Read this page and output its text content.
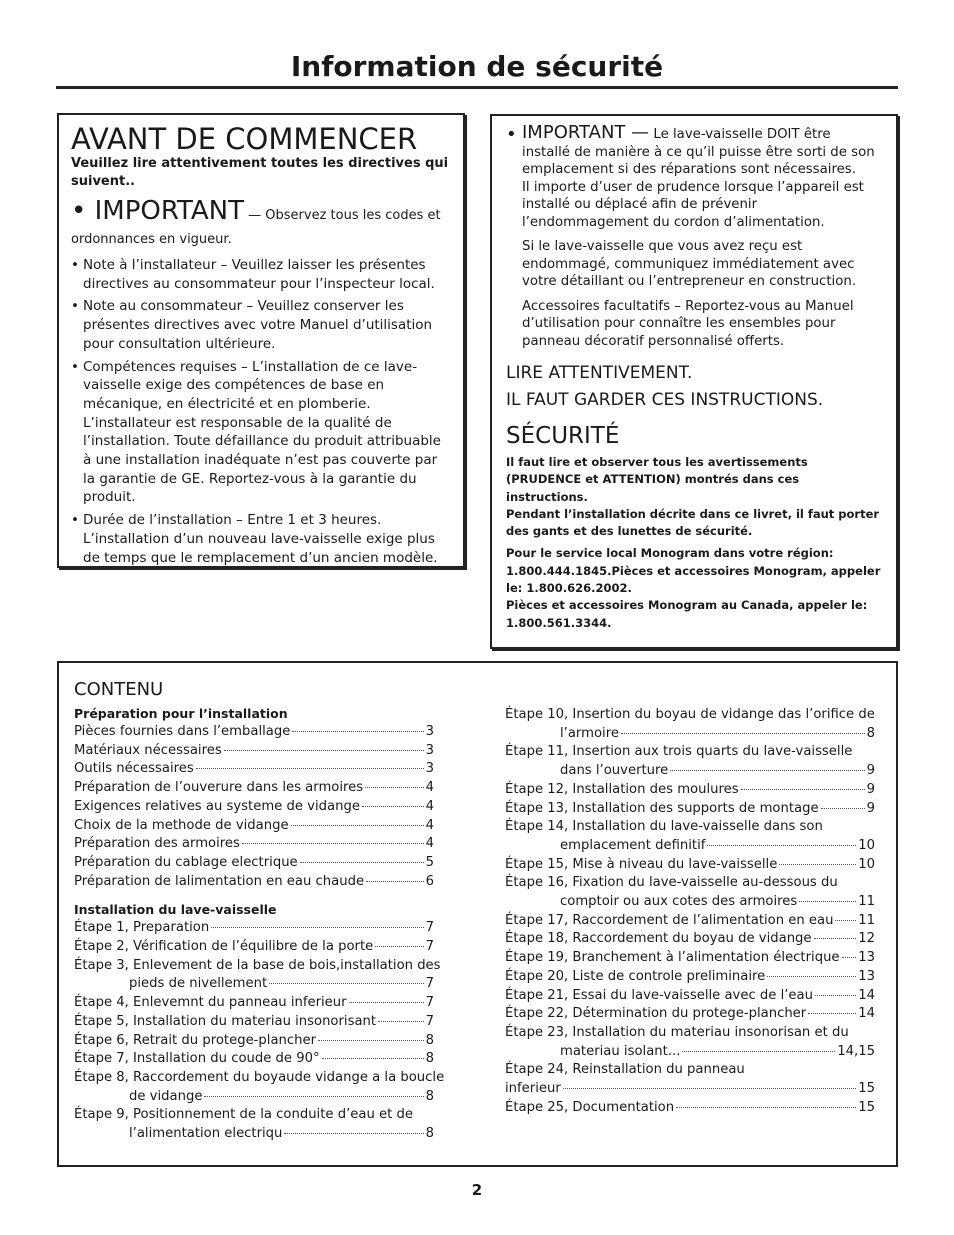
Information de sécurité
AVANT DE COMMENCER
Veuillez lire attentivement toutes les directives qui suivent..
• IMPORTANT — Observez tous les codes et ordonnances en vigueur.
• Note à l’installateur – Veuillez laisser les présentes directives au consommateur pour l’inspecteur local.
• Note au consommateur – Veuillez conserver les présentes directives avec votre Manuel d’utilisation pour consultation ultérieure.
• Compétences requises – L’installation de ce lave-vaisselle exige des compétences de base en mécanique, en électricité et en plomberie. L’installateur est responsable de la qualité de l’installation. Toute défaillance du produit attribuable à une installation inadéquate n’est pas couverte par la garantie de GE. Reportez-vous à la garantie du produit.
• Durée de l’installation – Entre 1 et 3 heures. L’installation d’un nouveau lave-vaisselle exige plus de temps que le remplacement d’un ancien modèle.
• IMPORTANT — Le lave-vaisselle DOIT être installé de manière à ce qu’il puisse être sorti de son emplacement si des réparations sont nécessaires.

Il importe d’user de prudence lorsque l’appareil est installé ou déplacé afin de prévenir l’endommagement du cordon d’alimentation.

Si le lave-vaisselle que vous avez reçu est endommagé, communiquez immédiatement avec votre détaillant ou l’entrepreneur en construction.

Accessoires facultatifs – Reportez-vous au Manuel d’utilisation pour connaître les ensembles pour panneau décoratif personnalisé offerts.

LIRE ATTENTIVEMENT.
IL FAUT GARDER CES INSTRUCTIONS.
SÉCURITÉ
Il faut lire et observer tous les avertissements (PRUDENCE et ATTENTION) montrés dans ces instructions.
Pendant l’installation décrite dans ce livret, il faut porter des gants et des lunettes de sécurité.
Pour le service local Monogram dans votre région: 1.800.444.1845.Pièces et accessoires Monogram, appeler le: 1.800.626.2002.
Pièces et accessoires Monogram au Canada, appeler le: 1.800.561.3344.
CONTENU
Préparation pour l’installation
Pièces fournies dans l’emballage	3
Matériaux nécessaires	3
Outils nécessaires	3
Préparation de l’ouverure dans les armoires	4
Exigences relatives au systeme de vidange	4
Choix de la methode de vidange	4
Préparation des armoires	4
Préparation du cablage electrique	5
Préparation de lalimentation en eau chaude	6
Installation du lave-vaisselle
Étape 1, Preparation	7
Étape 2, Vérification de l’équilibre de la porte	7
Étape 3, Enlevement de la base de bois,installation des
pieds de nivellement	7
Étape 4, Enlevemnt du panneau inferieur	7
Étape 5, Installation du materiau insonorisant	7
Étape 6, Retrait du protege-plancher	8
Étape 7, Installation du coude de 90°	8
Étape 8, Raccordement du boyaude vidange a la boucle
de vidange	8
Étape 9, Positionnement de la conduite d’eau et de
l’alimentation electriqu	8
Étape 10, Insertion du boyau de vidange das l’orifice de
l’armoire	8
Étape 11, Insertion aux trois quarts du lave-vaisselle
dans l’ouverture	9
Étape 12, Installation des moulures	9
Étape 13, Installation des supports de montage	9
Étape 14, Installation du lave-vaisselle dans son
emplacement definitif	10
Étape 15, Mise à niveau du lave-vaisselle	10
Étape 16, Fixation du lave-vaisselle au-dessous du
comptoir ou aux cotes des armoires	11
Étape 17, Raccordement de l’alimentation en eau 11
Étape 18, Raccordement du boyau de vidange	12
Étape 19, Branchement à l’alimentation électrique 13
Étape 20, Liste de controle preliminaire	13
Étape 21, Essai du lave-vaisselle avec de l’eau	14
Étape 22, Détermination du protege-plancher	14
Étape 23, Installation du materiau insonorisan et du
materiau isolant...	14,15
Étape 24, Reinstallation du panneau
inferieur	15
Étape 25, Documentation	15
2
